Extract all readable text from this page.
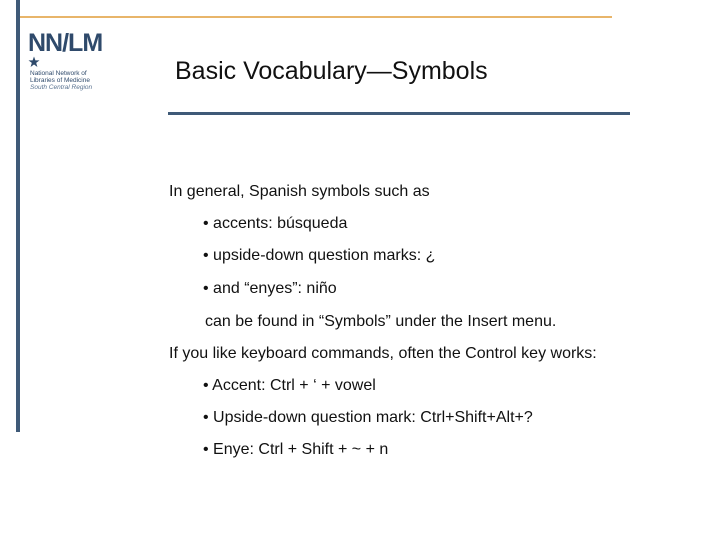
NN/LM
National Network of
Libraries of Medicine
South Central Region
Basic Vocabulary—Symbols
In general, Spanish symbols such as
• accents: búsqueda
• upside-down question marks: ¿
• and “enyes”: niño
can be found in “Symbols” under the Insert menu.
If you like keyboard commands, often the Control key works:
• Accent: Ctrl + ‘ + vowel
• Upside-down question mark: Ctrl+Shift+Alt+?
• Enye: Ctrl + Shift + ~ + n
